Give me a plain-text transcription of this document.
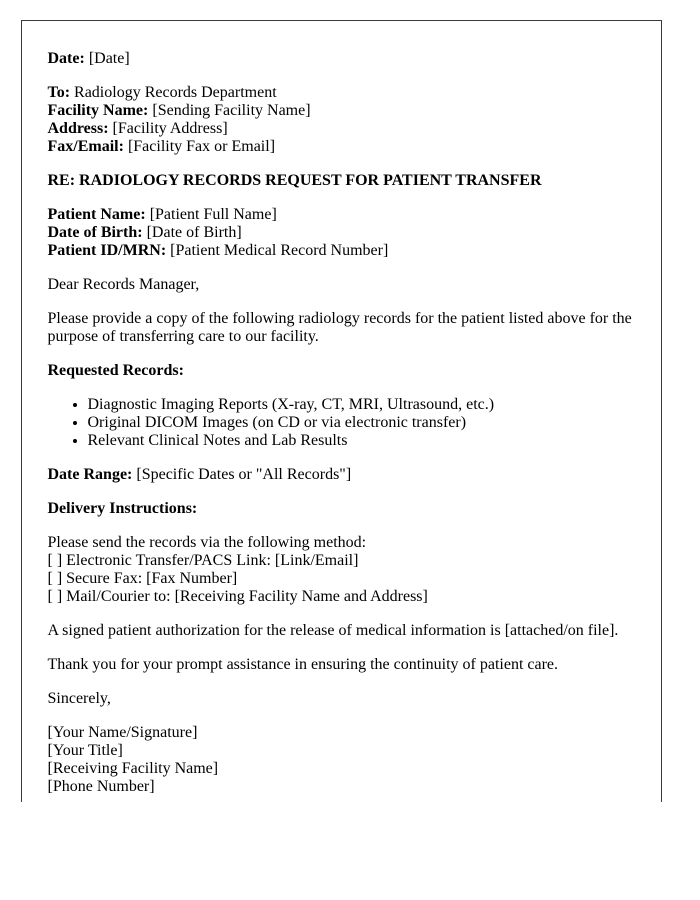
Date: [Date]

To: Radiology Records Department
Facility Name: [Sending Facility Name]
Address: [Facility Address]
Fax/Email: [Facility Fax or Email]

RE: RADIOLOGY RECORDS REQUEST FOR PATIENT TRANSFER

Patient Name: [Patient Full Name]
Date of Birth: [Date of Birth]
Patient ID/MRN: [Patient Medical Record Number]

Dear Records Manager,

Please provide a copy of the following radiology records for the patient listed above for the purpose of transferring care to our facility.

Requested Records:

• Diagnostic Imaging Reports (X-ray, CT, MRI, Ultrasound, etc.)
• Original DICOM Images (on CD or via electronic transfer)
• Relevant Clinical Notes and Lab Results

Date Range: [Specific Dates or "All Records"]

Delivery Instructions:

Please send the records via the following method:
[ ] Electronic Transfer/PACS Link: [Link/Email]
[ ] Secure Fax: [Fax Number]
[ ] Mail/Courier to: [Receiving Facility Name and Address]

A signed patient authorization for the release of medical information is [attached/on file].

Thank you for your prompt assistance in ensuring the continuity of patient care.

Sincerely,

[Your Name/Signature]
[Your Title]
[Receiving Facility Name]
[Phone Number]
